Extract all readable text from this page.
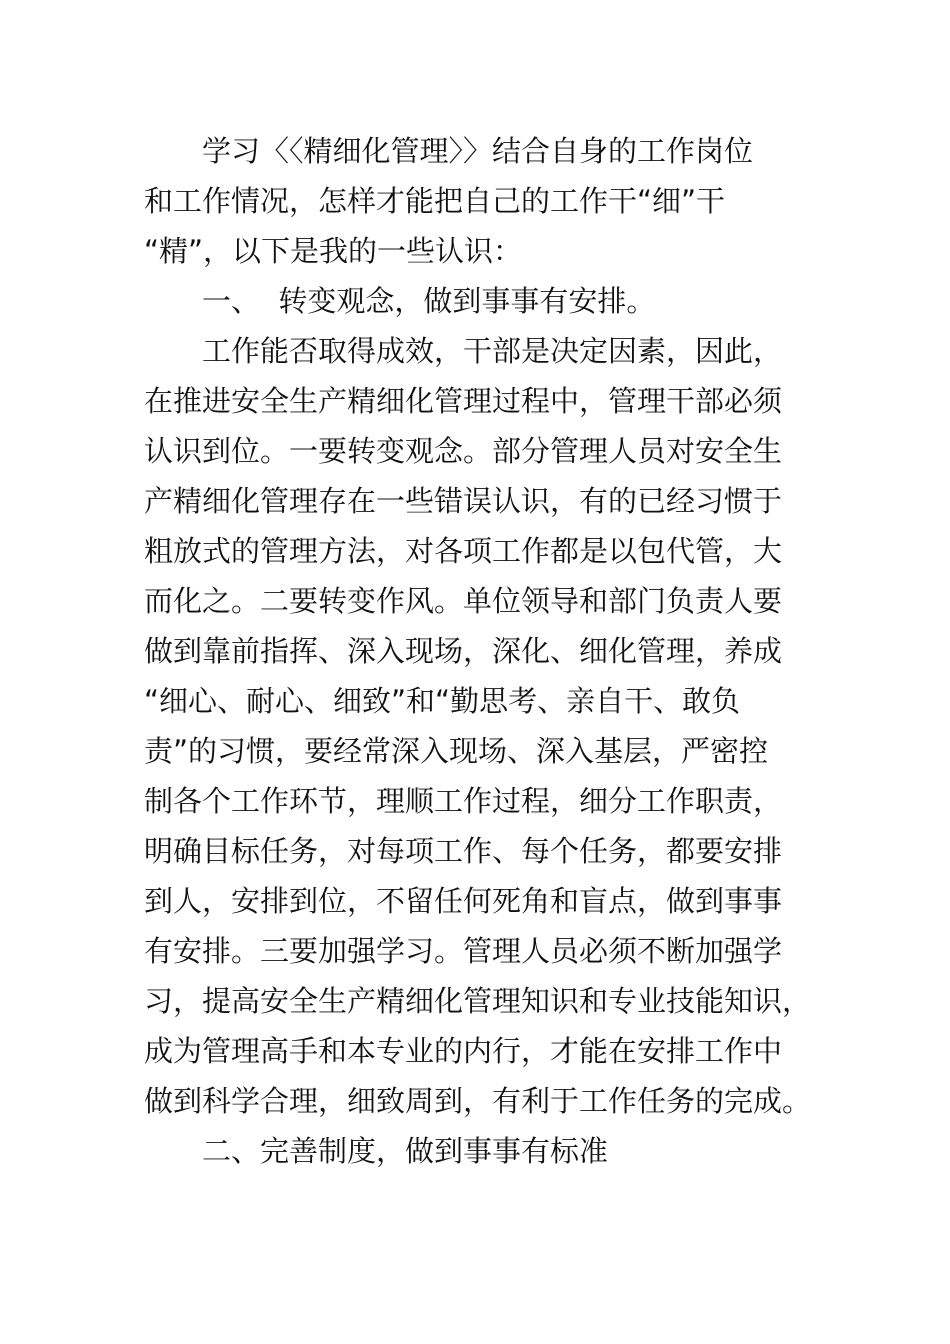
学习〈〈精细化管理〉〉结合自身的工作岗位
和工作情况，怎样才能把自己的工作干“细”干
“精”，以下是我的一些认识：
一、  转变观念，做到事事有安排。
工作能否取得成效，干部是决定因素，因此，
在推进安全生产精细化管理过程中，管理干部必须
认识到位。一要转变观念。部分管理人员对安全生
产精细化管理存在一些错误认识，有的已经习惯于
粗放式的管理方法，对各项工作都是以包代管，大
而化之。二要转变作风。单位领导和部门负责人要
做到靠前指挥、深入现场，深化、细化管理，养成
“细心、耐心、细致”和“勤思考、亲自干、敢负
责”的习惯，要经常深入现场、深入基层，严密控
制各个工作环节，理顺工作过程，细分工作职责，
明确目标任务，对每项工作、每个任务，都要安排
到人，安排到位，不留任何死角和盲点，做到事事
有安排。三要加强学习。管理人员必须不断加强学
习，提高安全生产精细化管理知识和专业技能知识，
成为管理高手和本专业的内行，才能在安排工作中
做到科学合理，细致周到，有利于工作任务的完成。
二、完善制度，做到事事有标准
